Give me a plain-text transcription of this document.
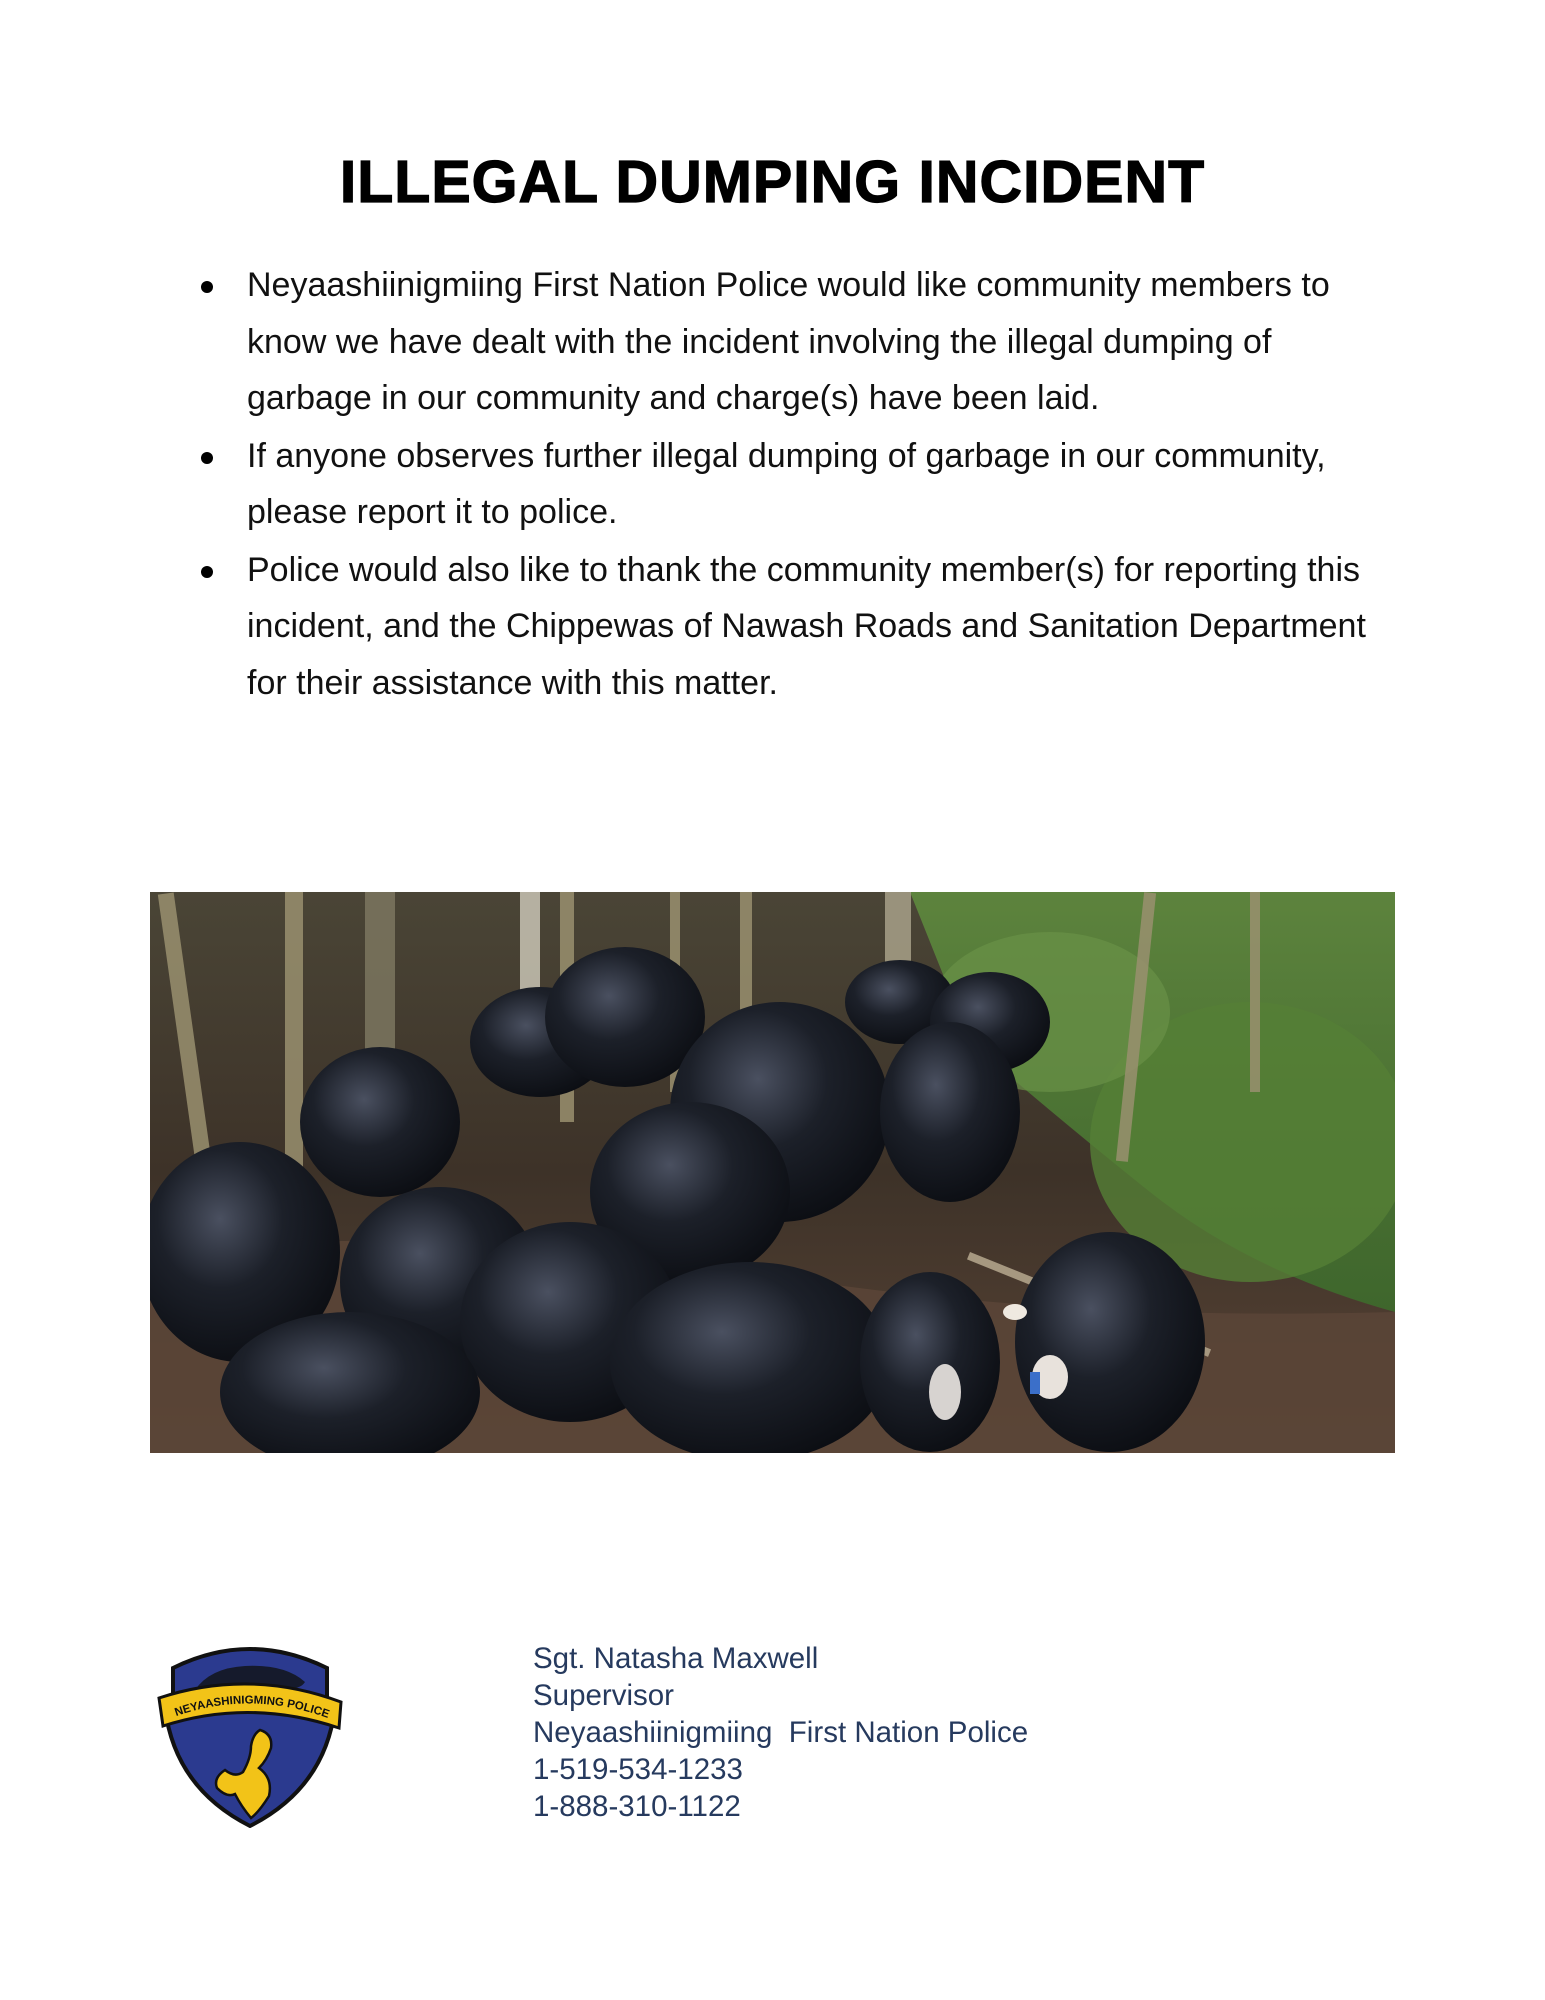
ILLEGAL DUMPING INCIDENT
Neyaashiinigmiing First Nation Police would like community members to know we have dealt with the incident involving the illegal dumping of garbage in our community and charge(s) have been laid.
If anyone observes further illegal dumping of garbage in our community, please report it to police.
Police would also like to thank the community member(s) for reporting this incident, and the Chippewas of Nawash Roads and Sanitation Department for their assistance with this matter.
NEYAASHINIGMING POLICE
Sgt. Natasha Maxwell
Supervisor
Neyaashiinigmiing  First Nation Police
1-519-534-1233
1-888-310-1122
